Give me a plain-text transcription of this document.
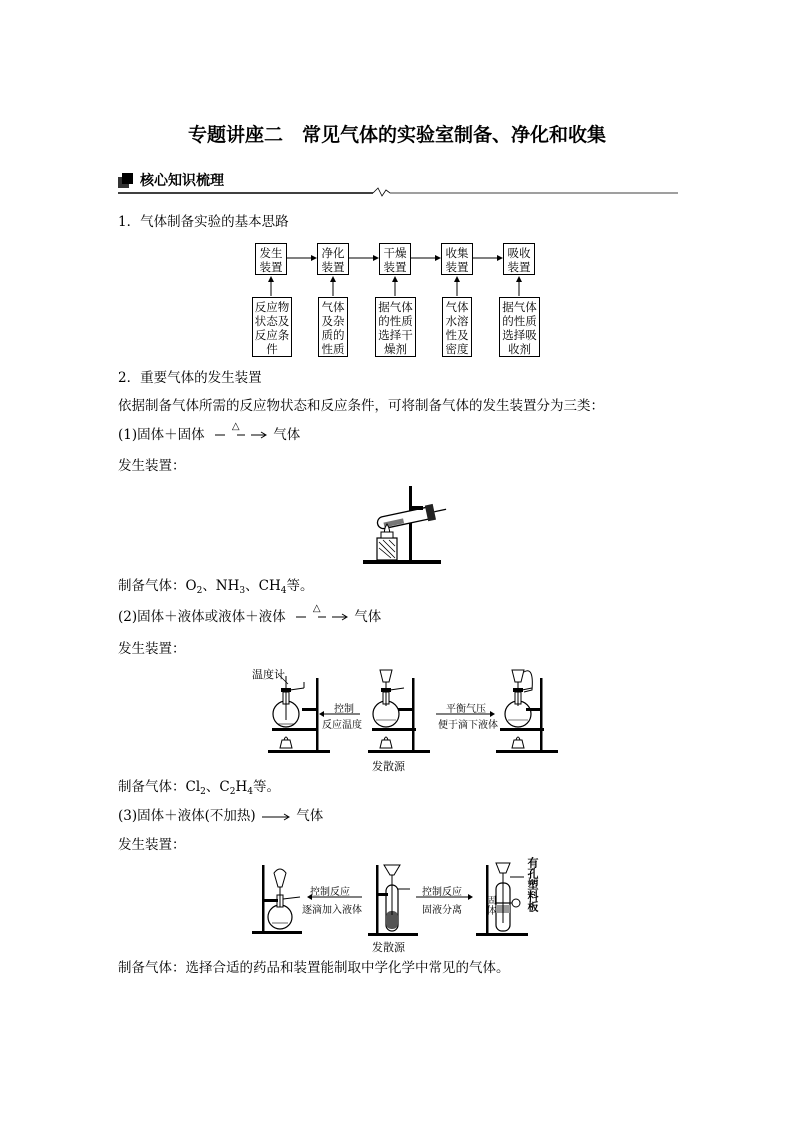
专题讲座二　常见气体的实验室制备、净化和收集
核心知识梳理
1．气体制备实验的基本思路
发生
装置
净化
装置
干燥
装置
收集
装置
吸收
装置
反应物
状态及
反应条
件
气体
及杂
质的
性质
据气体
的性质
选择干
燥剂
气体
水溶
性及
密度
据气体
的性质
选择吸
收剂
2．重要气体的发生装置
依据制备气体所需的反应物状态和反应条件，可将制备气体的发生装置分为三类：
(1)固体＋固体
△
气体
发生装置：
制备气体：$O_2$、$NH_3$、$CH_4$等。
(2)固体＋液体或液体＋液体
△
气体
发生装置：
温度计
控制
反应温度
平衡气压
便于滴下液体
发散源
制备气体：$Cl_2$、$C_2H_4$等。
(3)固体＋液体(不加热) → 气体
发生装置：
控制反应
逐滴加入液体
控制反应
固液分离
发散源
固体	有孔塑料板
制备气体：选择合适的药品和装置能制取中学化学中常见的气体。
